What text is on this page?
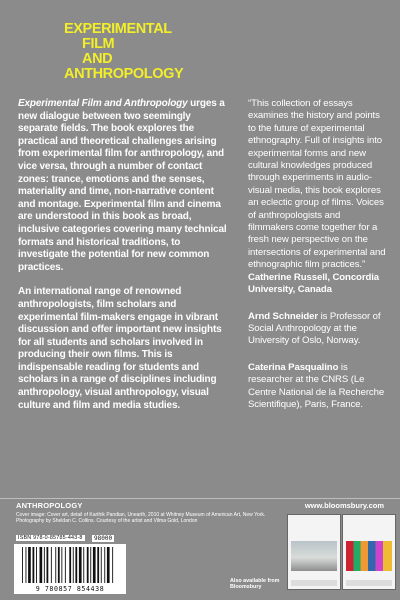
EXPERIMENTAL
FILM
AND
ANTHROPOLOGY

Experimental Film and Anthropology urges a new dialogue between two seemingly separate fields. The book explores the practical and theoretical challenges arising from experimental film for anthropology, and vice versa, through a number of contact zones: trance, emotions and the senses, materiality and time, non-narrative content and montage. Experimental film and cinema are understood in this book as broad, inclusive categories covering many technical formats and historical traditions, to investigate the potential for new common practices.

An international range of renowned anthropologists, film scholars and experimental film-makers engage in vibrant discussion and offer important new insights for all students and scholars involved in producing their own films. This is indispensable reading for students and scholars in a range of disciplines including anthropology, visual anthropology, visual culture and film and media studies.

“This collection of essays examines the history and points to the future of experimental ethnography. Full of insights into experimental forms and new cultural knowledges produced through experiments in audio-visual media, this book explores an eclectic group of films. Voices of anthropologists and filmmakers come together for a fresh new perspective on the intersections of experimental and ethnographic film practices.” Catherine Russell, Concordia University, Canada

Arnd Schneider is Professor of Social Anthropology at the University of Oslo, Norway.

Caterina Pasqualino is researcher at the CNRS (Le Centre National de la Recherche Scientifique), Paris, France.

ANTHROPOLOGY	www.bloomsbury.com
Cover image: Cover art, detail of Karthik Pandian, Unearth, 2010 at Whitney Museum of American Art, New York. Photography by Sheldan C. Collins. Courtesy of the artist and Vilma Gold, London
ISBN 978-0-85785-443-8	98000
9 780857 854438
Also available from Bloomsbury
